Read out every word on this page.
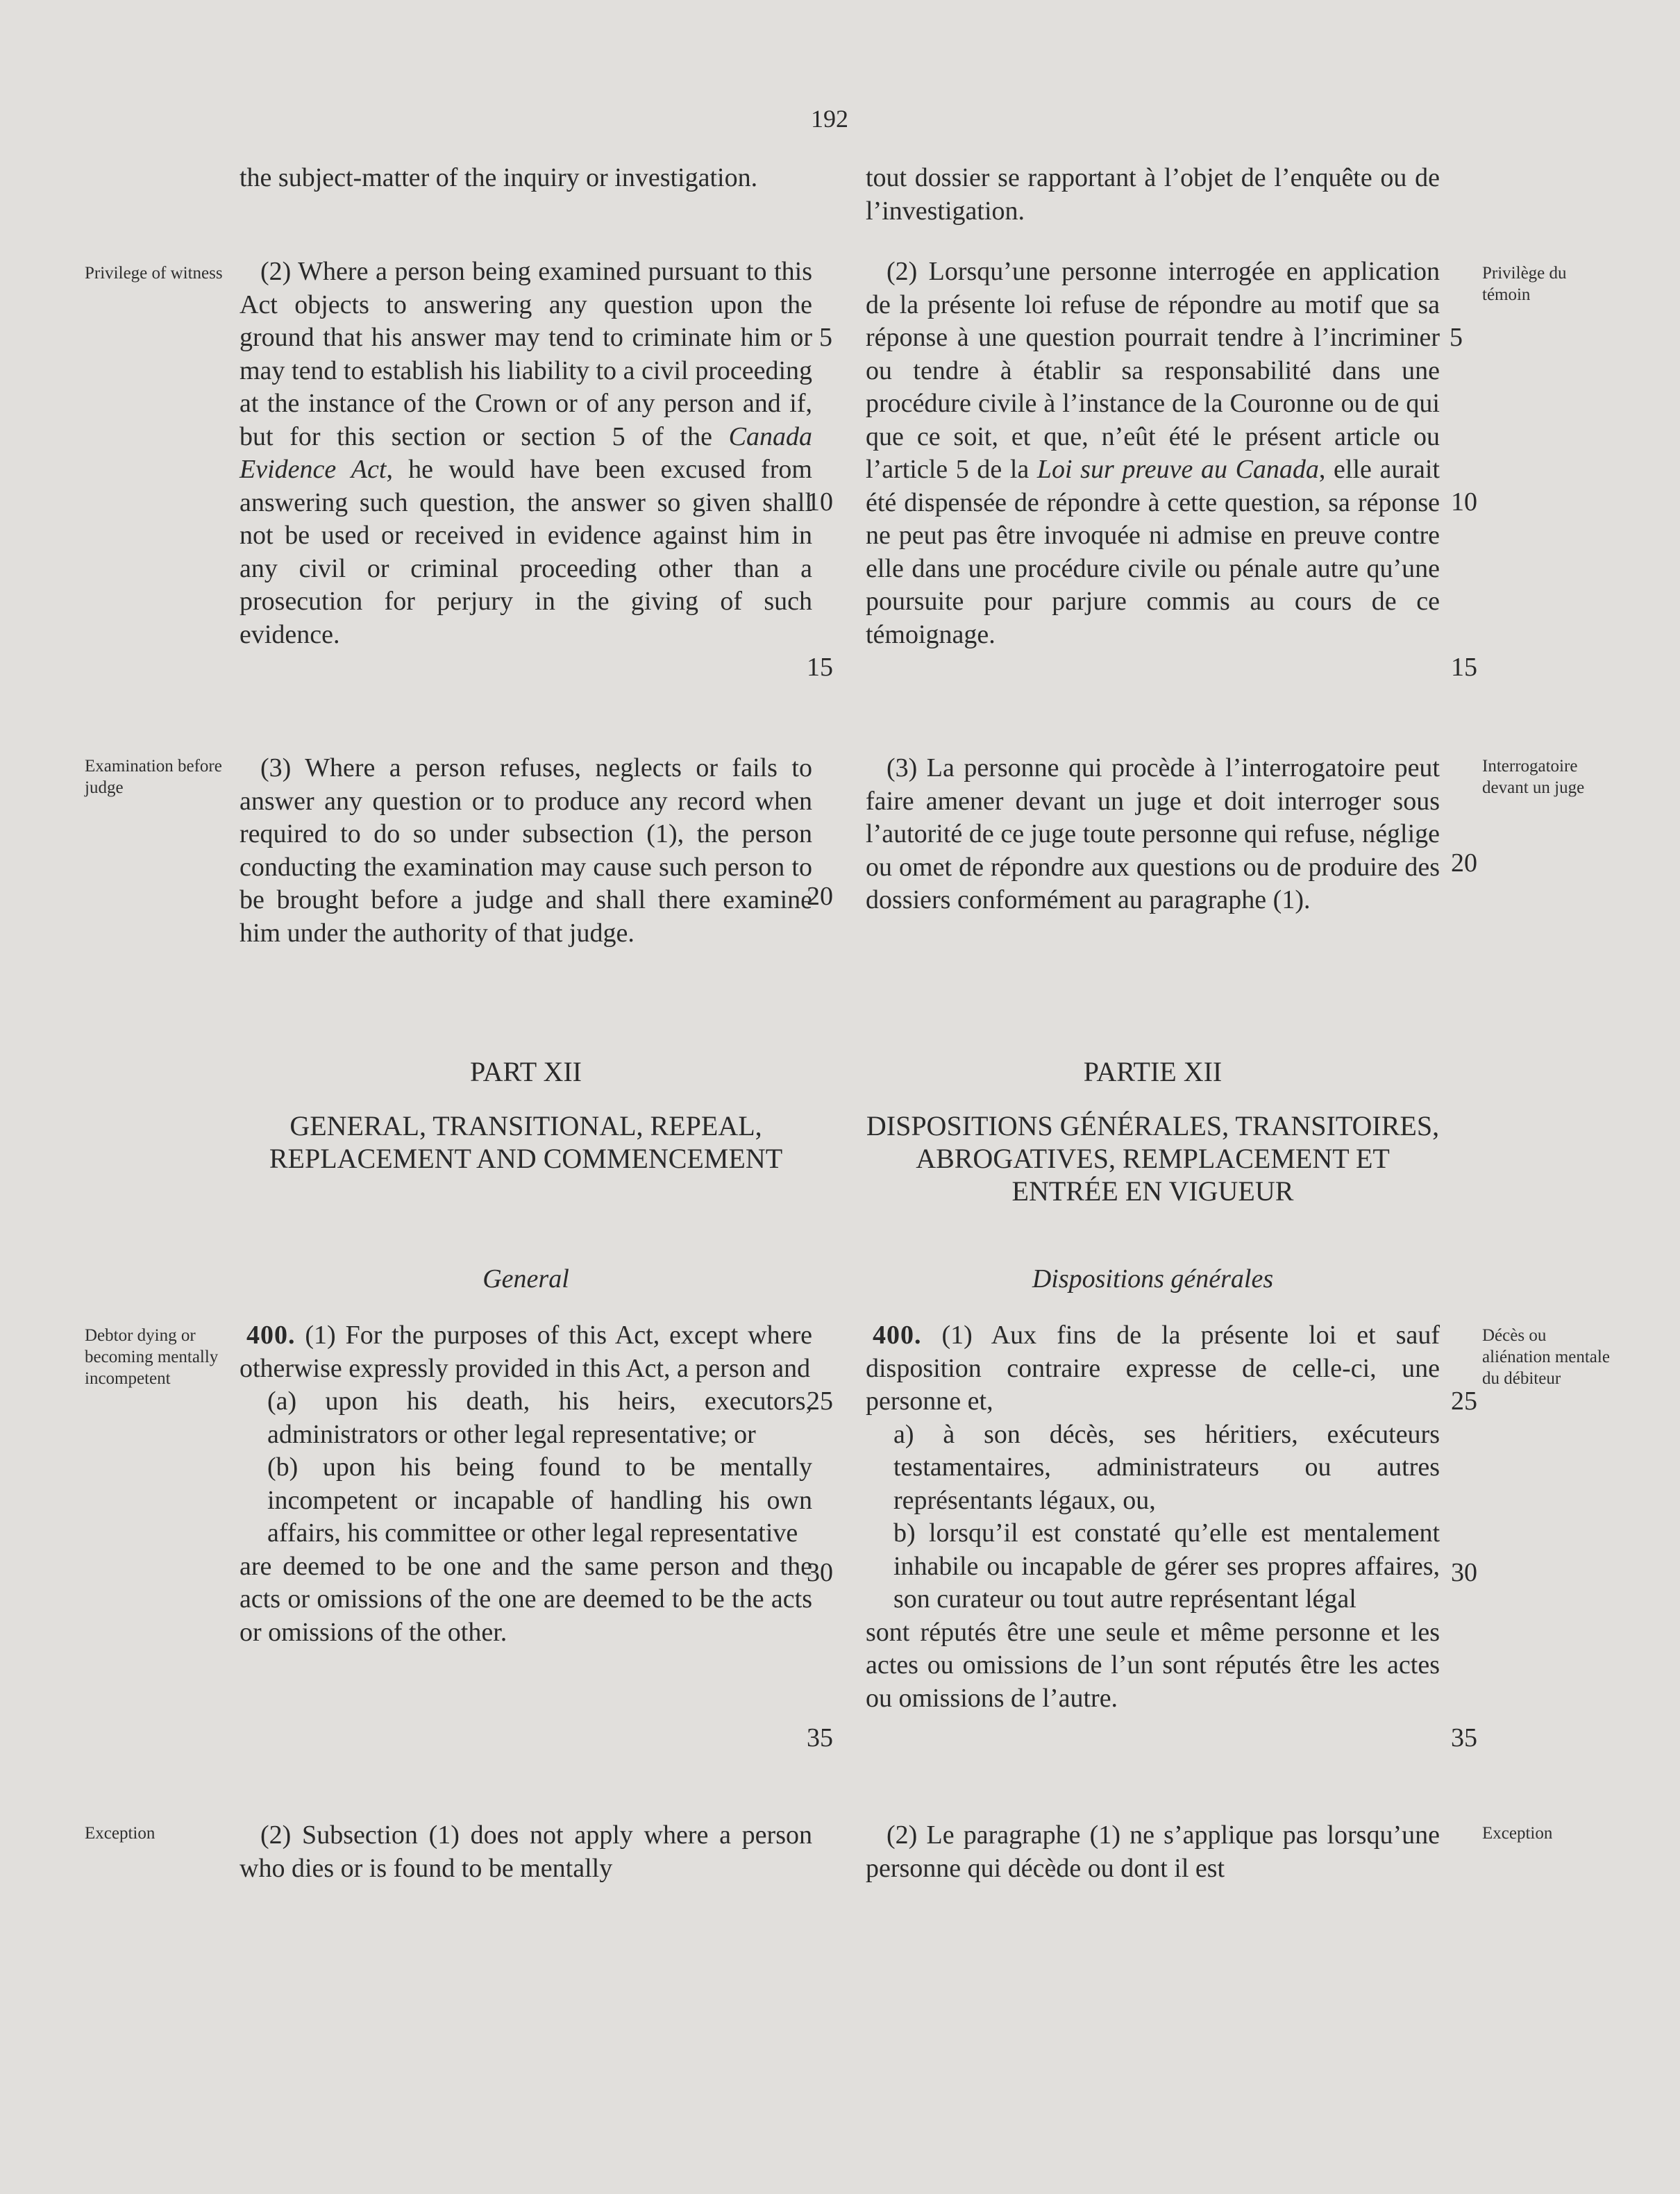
192
Privilege of witness
Examination before judge
Debtor dying or becoming mentally incompetent
Exception
Privilège du témoin
Interrogatoire devant un juge
Décès ou aliénation mentale du débiteur
Exception

the subject-matter of the inquiry or investigation.

(2) Where a person being examined pursuant to this Act objects to answering any question upon the ground that his answer may tend to criminate him or may tend to establish his liability to a civil proceeding at the instance of the Crown or of any person and if, but for this section or section 5 of the Canada Evidence Act, he would have been excused from answering such question, the answer so given shall not be used or received in evidence against him in any civil or criminal proceeding other than a prosecution for perjury in the giving of such evidence.

(3) Where a person refuses, neglects or fails to answer any question or to produce any record when required to do so under subsection (1), the person conducting the examination may cause such person to be brought before a judge and shall there examine him under the authority of that judge.

PART XII
GENERAL, TRANSITIONAL, REPEAL, REPLACEMENT AND COMMENCEMENT
General

400. (1) For the purposes of this Act, except where otherwise expressly provided in this Act, a person and

(a) upon his death, his heirs, executors, administrators or other legal representative; or

(b) upon his being found to be mentally incompetent or incapable of handling his own affairs, his committee or other legal representative

are deemed to be one and the same person and the acts or omissions of the one are deemed to be the acts or omissions of the other.

(2) Subsection (1) does not apply where a person who dies or is found to be mentally

5
10
15
20
25
30
35

tout dossier se rapportant à l’objet de l’enquête ou de l’investigation.

(2) Lorsqu’une personne interrogée en application de la présente loi refuse de répondre au motif que sa réponse à une question pourrait tendre à l’incriminer ou tendre à établir sa responsabilité dans une procédure civile à l’instance de la Couronne ou de qui que ce soit, et que, n’eût été le présent article ou l’article 5 de la Loi sur preuve au Canada, elle aurait été dispensée de répondre à cette question, sa réponse ne peut pas être invoquée ni admise en preuve contre elle dans une procédure civile ou pénale autre qu’une poursuite pour parjure commis au cours de ce témoignage.

(3) La personne qui procède à l’interrogatoire peut faire amener devant un juge et doit interroger sous l’autorité de ce juge toute personne qui refuse, néglige ou omet de répondre aux questions ou de produire des dossiers conformément au paragraphe (1).

PARTIE XII
DISPOSITIONS GÉNÉRALES, TRANSITOIRES, ABROGATIVES, REMPLACEMENT ET ENTRÉE EN VIGUEUR
Dispositions générales

400. (1) Aux fins de la présente loi et sauf disposition contraire expresse de celle-ci, une personne et,

a) à son décès, ses héritiers, exécuteurs testamentaires, administrateurs ou autres représentants légaux, ou,

b) lorsqu’il est constaté qu’elle est mentalement inhabile ou incapable de gérer ses propres affaires, son curateur ou tout autre représentant légal

sont réputés être une seule et même personne et les actes ou omissions de l’un sont réputés être les actes ou omissions de l’autre.

(2) Le paragraphe (1) ne s’applique pas lorsqu’une personne qui décède ou dont il est

5
10
15
20
25
30
35
